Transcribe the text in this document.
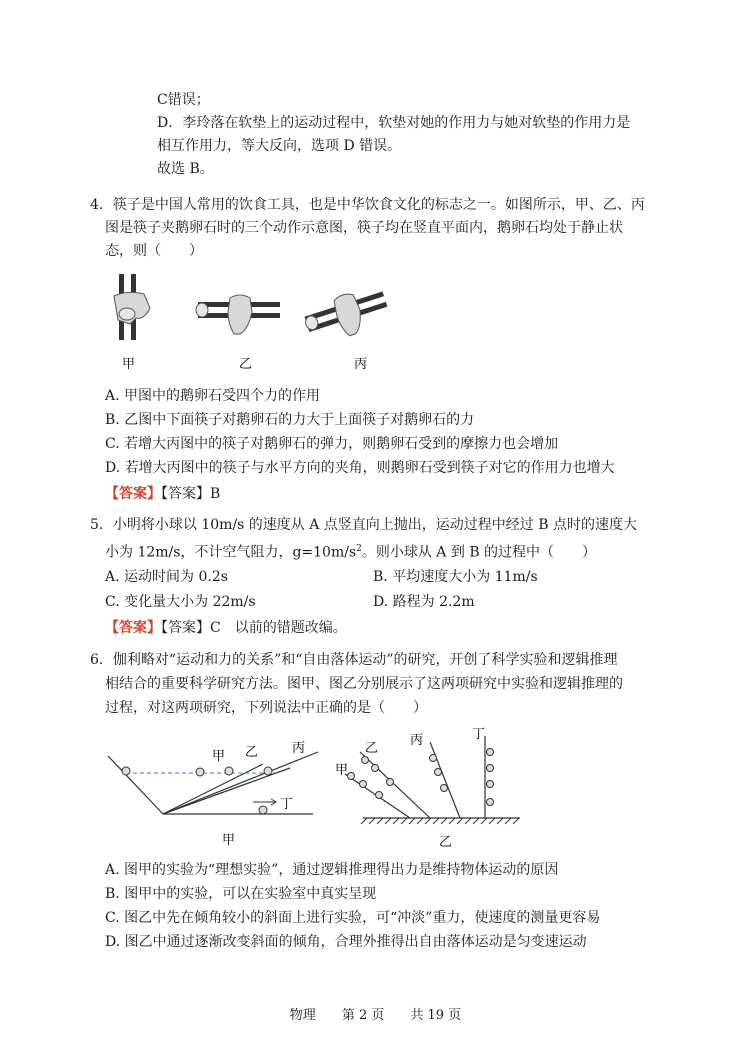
C错误；
D．李玲落在软垫上的运动过程中，软垫对她的作用力与她对软垫的作用力是
相互作用力，等大反向，选项 D 错误。
故选 B。
4．筷子是中国人常用的饮食工具，也是中华饮食文化的标志之一。如图所示，甲、乙、丙
图是筷子夹鹅卵石时的三个动作示意图，筷子均在竖直平面内，鹅卵石均处于静止状
态，则（　　）
甲	乙	丙
A. 甲图中的鹅卵石受四个力的作用
B. 乙图中下面筷子对鹅卵石的力大于上面筷子对鹅卵石的力
C. 若增大丙图中的筷子对鹅卵石的弹力，则鹅卵石受到的摩擦力也会增加
D. 若增大丙图中的筷子与水平方向的夹角，则鹅卵石受到筷子对它的作用力也增大
【答案】【答案】B
5．小明将小球以 10m/s 的速度从 A 点竖直向上抛出，运动过程中经过 B 点时的速度大
小为 12m/s，不计空气阻力，$g=10m/s^2$。则小球从 A 到 B 的过程中（　　）
A. 运动时间为 0.2s	B. 平均速度大小为 11m/s
C. 变化量大小为 22m/s	D. 路程为 2.2m
【答案】【答案】C　以前的错题改编。
6．伽利略对“运动和力的关系”和“自由落体运动”的研究，开创了科学实验和逻辑推理
相结合的重要科学研究方法。图甲、图乙分别展示了这两项研究中实验和逻辑推理的
过程，对这两项研究，下列说法中正确的是（　　）
甲 乙	丙
丁
甲
甲
乙
丙	丁
乙
A. 图甲的实验为“理想实验”，通过逻辑推理得出力是维持物体运动的原因
B. 图甲中的实验，可以在实验室中真实呈现
C. 图乙中先在倾角较小的斜面上进行实验，可“冲淡”重力，使速度的测量更容易
D. 图乙中通过逐渐改变斜面的倾角，合理外推得出自由落体运动是匀变速运动
物理　　 第 2 页　　 共 19 页
